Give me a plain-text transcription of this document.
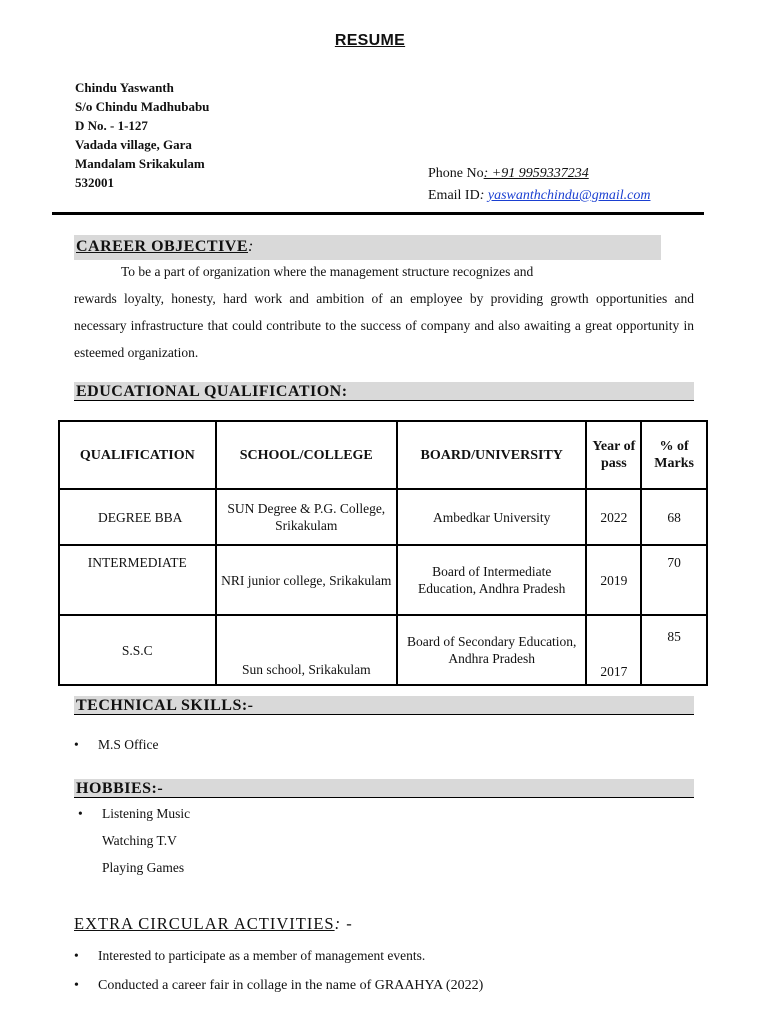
RESUME
Chindu Yaswanth
S/o Chindu Madhubabu
D No. - 1-127
Vadada village, Gara
Mandalam Srikakulam
532001
Phone No: +91 9959337234
Email ID: yaswanthchindu@gmail.com
CAREER OBJECTIVE:
To be a part of organization where the management structure recognizes and
rewards loyalty, honesty, hard work and ambition of an employee by providing growth opportunities and necessary infrastructure that could contribute to the success of company and also awaiting a great opportunity in esteemed organization.
EDUCATIONAL QUALIFICATION:
QUALIFICATION	SCHOOL/COLLEGE	BOARD/UNIVERSITY	Year of pass	% of Marks
DEGREE BBA	SUN Degree & P.G. College, Srikakulam	Ambedkar University	2022	68
INTERMEDIATE	NRI junior college, Srikakulam	Board of Intermediate Education, Andhra Pradesh	2019	70
S.S.C	Sun school, Srikakulam	Board of Secondary Education, Andhra Pradesh	2017	85
TECHNICAL SKILLS:-
• M.S Office
HOBBIES:-
• Listening Music
Watching T.V
Playing Games
EXTRA CIRCULAR ACTIVITIES: -
• Interested to participate as a member of management events.
• Conducted a career fair in collage in the name of GRAAHYA (2022)
